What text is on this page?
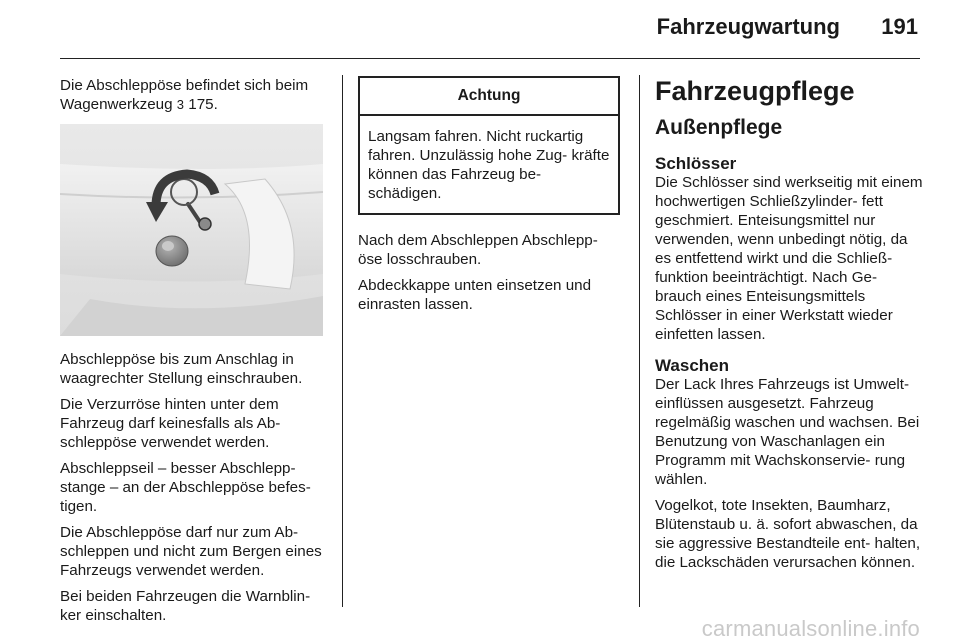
Fahrzeugwartung	191

Die Abschleppöse befindet sich beim Wagenwerkzeug 3 175.

Abschleppöse bis zum Anschlag in waagrechter Stellung einschrauben.

Die Verzurröse hinten unter dem Fahrzeug darf keinesfalls als Ab- schleppöse verwendet werden.

Abschleppseil – besser Abschlepp- stange – an der Abschleppöse befes- tigen.

Die Abschleppöse darf nur zum Ab- schleppen und nicht zum Bergen eines Fahrzeugs verwendet werden.

Bei beiden Fahrzeugen die Warnblin- ker einschalten.

Achtung
Langsam fahren. Nicht ruckartig fahren. Unzulässig hohe Zug- kräfte können das Fahrzeug be- schädigen.

Nach dem Abschleppen Abschlepp- öse losschrauben.

Abdeckkappe unten einsetzen und einrasten lassen.

Fahrzeugpflege
Außenpflege
Schlösser

Die Schlösser sind werkseitig mit einem hochwertigen Schließzylinder- fett geschmiert. Enteisungsmittel nur verwenden, wenn unbedingt nötig, da es entfettend wirkt und die Schließ- funktion beeinträchtigt. Nach Ge- brauch eines Enteisungsmittels Schlösser in einer Werkstatt wieder einfetten lassen.

Waschen

Der Lack Ihres Fahrzeugs ist Umwelt- einflüssen ausgesetzt. Fahrzeug regelmäßig waschen und wachsen. Bei Benutzung von Waschanlagen ein Programm mit Wachskonservie- rung wählen.

Vogelkot, tote Insekten, Baumharz, Blütenstaub u. ä. sofort abwaschen, da sie aggressive Bestandteile ent- halten, die Lackschäden verursachen können.

carmanualsonline.info
